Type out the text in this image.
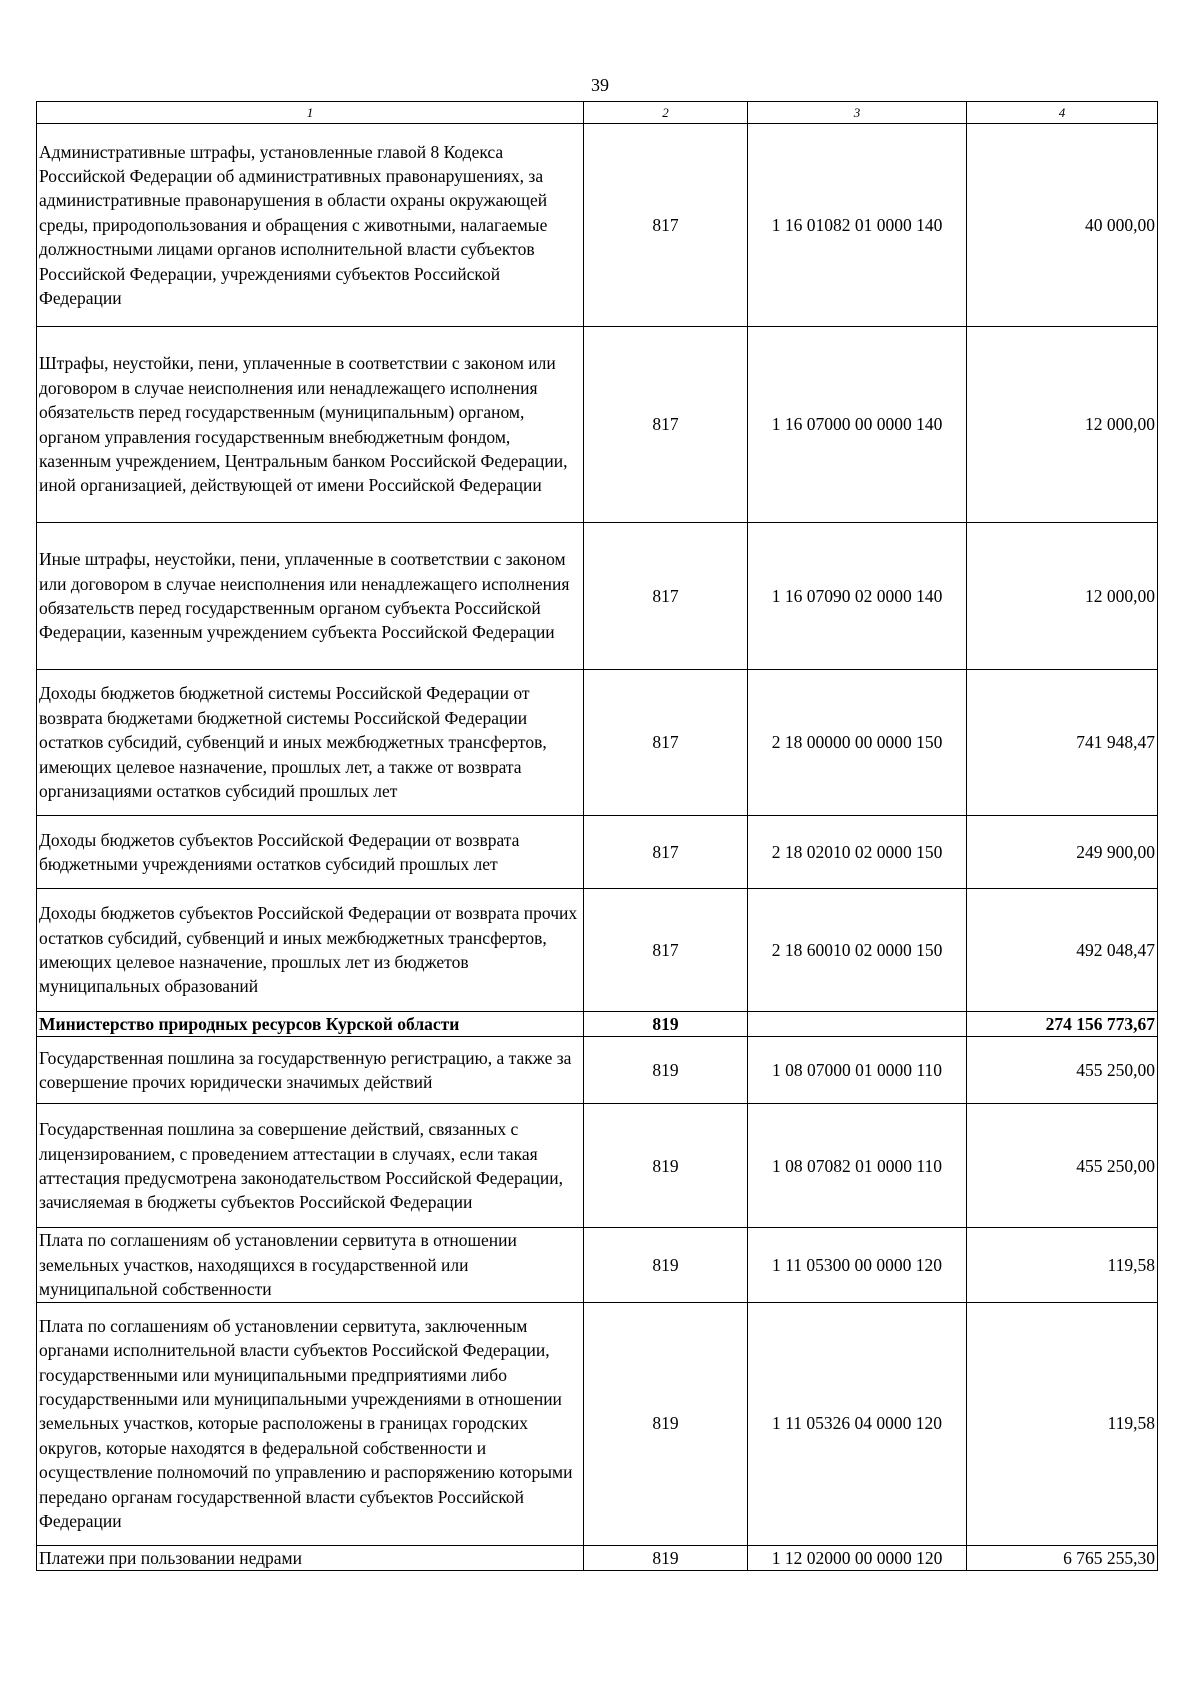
39
1	2	3	4
Административные штрафы, установленные главой 8 Кодекса Российской Федерации об административных правонарушениях, за административные правонарушения в области охраны окружающей среды, природопользования и обращения с животными, налагаемые должностными лицами органов исполнительной власти субъектов Российской Федерации, учреждениями субъектов Российской Федерации	817	1 16 01082 01 0000 140	40 000,00
Штрафы, неустойки, пени, уплаченные в соответствии с законом или договором в случае неисполнения или ненадлежащего исполнения обязательств перед государственным (муниципальным) органом, органом управления государственным внебюджетным фондом, казенным учреждением, Центральным банком Российской Федерации, иной организацией, действующей от имени Российской Федерации	817	1 16 07000 00 0000 140	12 000,00
Иные штрафы, неустойки, пени, уплаченные в соответствии с законом или договором в случае неисполнения или ненадлежащего исполнения обязательств перед государственным органом субъекта Российской Федерации, казенным учреждением субъекта Российской Федерации	817	1 16 07090 02 0000 140	12 000,00
Доходы бюджетов бюджетной системы Российской Федерации от возврата бюджетами бюджетной системы Российской Федерации остатков субсидий, субвенций и иных межбюджетных трансфертов, имеющих целевое назначение, прошлых лет, а также от возврата организациями остатков субсидий прошлых лет	817	2 18 00000 00 0000 150	741 948,47
Доходы бюджетов субъектов Российской Федерации от возврата бюджетными учреждениями остатков субсидий прошлых лет	817	2 18 02010 02 0000 150	249 900,00
Доходы бюджетов субъектов Российской Федерации от возврата прочих остатков субсидий, субвенций и иных межбюджетных трансфертов, имеющих целевое назначение, прошлых лет из бюджетов муниципальных образований	817	2 18 60010 02 0000 150	492 048,47
Министерство природных ресурсов Курской области	819		274 156 773,67
Государственная пошлина за государственную регистрацию, а также за совершение прочих юридически значимых действий	819	1 08 07000 01 0000 110	455 250,00
Государственная пошлина за совершение действий, связанных с лицензированием, с проведением аттестации в случаях, если такая аттестация предусмотрена законодательством Российской Федерации, зачисляемая в бюджеты субъектов Российской Федерации	819	1 08 07082 01 0000 110	455 250,00
Плата по соглашениям об установлении сервитута в отношении земельных участков, находящихся в государственной или муниципальной собственности	819	1 11 05300 00 0000 120	119,58
Плата по соглашениям об установлении сервитута, заключенным органами исполнительной власти субъектов Российской Федерации, государственными или муниципальными предприятиями либо государственными или муниципальными учреждениями в отношении земельных участков, которые расположены в границах городских округов, которые находятся в федеральной собственности и осуществление полномочий по управлению и распоряжению которыми передано органам государственной власти субъектов Российской Федерации	819	1 11 05326 04 0000 120	119,58
Платежи при пользовании недрами	819	1 12 02000 00 0000 120	6 765 255,30
